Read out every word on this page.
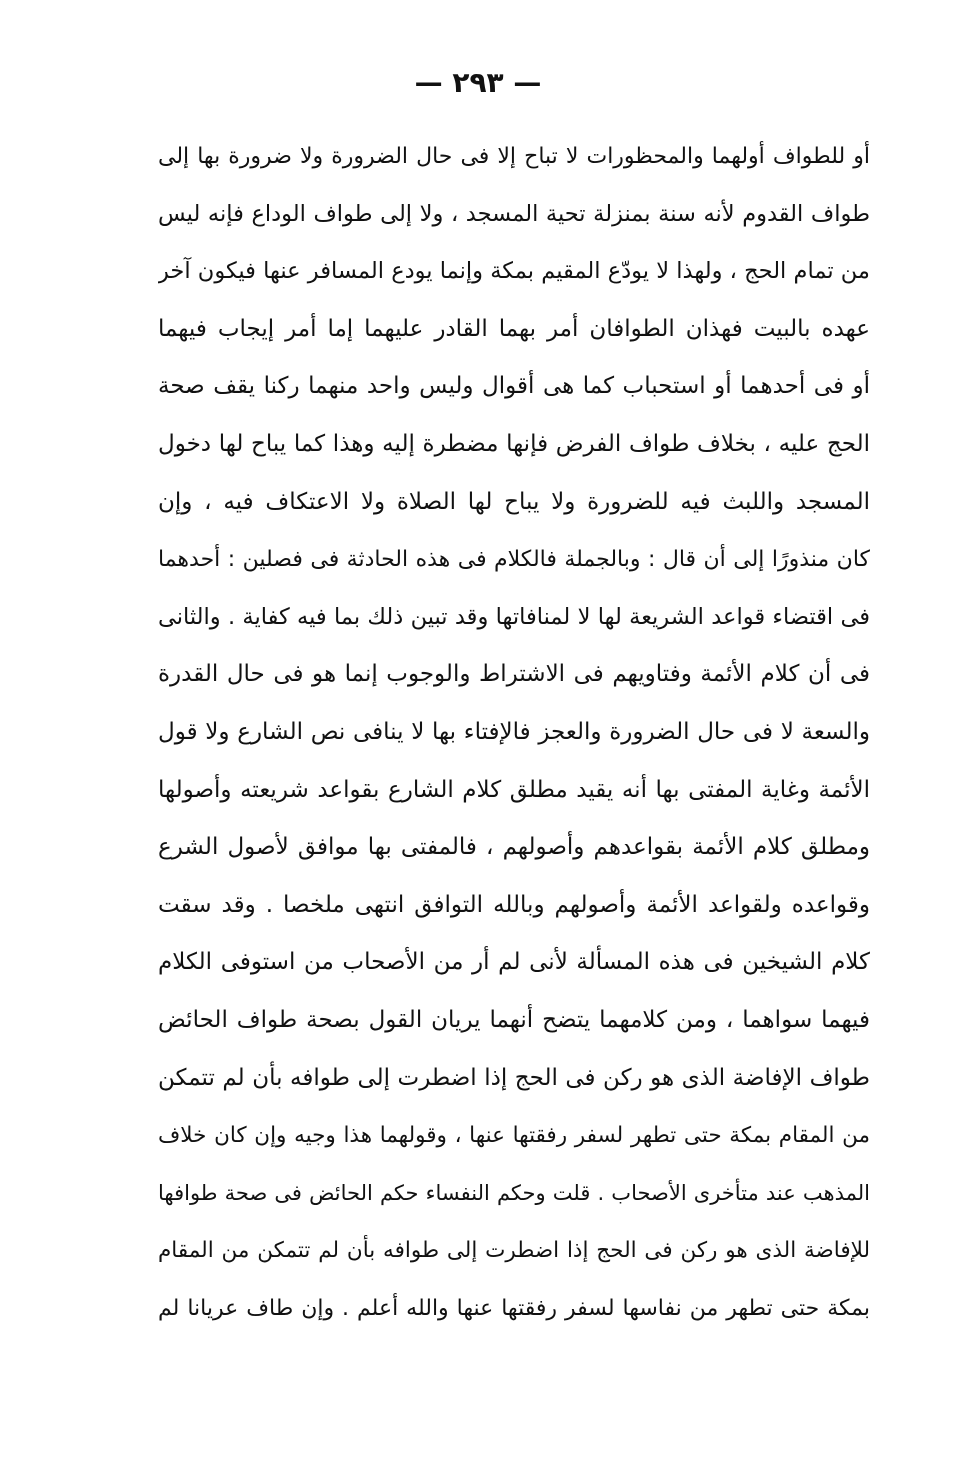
— ٢٩٣ —
أو للطواف أولهما والمحظورات لا تباح إلا فى حال الضرورة ولا ضرورة بها إلى
طواف القدوم لأنه سنة بمنزلة تحية المسجد ، ولا إلى طواف الوداع فإنه ليس
من تمام الحج ، ولهذا لا يودّع المقيم بمكة وإنما يودع المسافر عنها فيكون آخر
عهده بالبيت فهذان الطوافان أمر بهما القادر عليهما إما أمر إيجاب فيهما
أو فى أحدهما أو استحباب كما هى أقوال وليس واحد منهما ركنا يقف صحة
الحج عليه ، بخلاف طواف الفرض فإنها مضطرة إليه وهذا كما يباح لها دخول
المسجد واللبث فيه للضرورة ولا يباح لها الصلاة ولا الاعتكاف فيه ، وإن
كان منذورًا إلى أن قال : وبالجملة فالكلام فى هذه الحادثة فى فصلين : أحدهما
فى اقتضاء قواعد الشريعة لها لا لمنافاتها وقد تبين ذلك بما فيه كفاية . والثانى
فى أن كلام الأئمة وفتاويهم فى الاشتراط والوجوب إنما هو فى حال القدرة
والسعة لا فى حال الضرورة والعجز فالإفتاء بها لا ينافى نص الشارع ولا قول
الأئمة وغاية المفتى بها أنه يقيد مطلق كلام الشارع بقواعد شريعته وأصولها
ومطلق كلام الأئمة بقواعدهم وأصولهم ، فالمفتى بها موافق لأصول الشرع
وقواعده ولقواعد الأئمة وأصولهم وبالله التوافق انتهى ملخصا . وقد سقت
كلام الشيخين فى هذه المسألة لأنى لم أر من الأصحاب من استوفى الكلام
فيهما سواهما ، ومن كلامهما يتضح أنهما يريان القول بصحة طواف الحائض
طواف الإفاضة الذى هو ركن فى الحج إذا اضطرت إلى طوافه بأن لم تتمكن
من المقام بمكة حتى تطهر لسفر رفقتها عنها ، وقولهما هذا وجيه وإن كان خلاف
المذهب عند متأخرى الأصحاب . قلت وحكم النفساء حكم الحائض فى صحة طوافها
للإفاضة الذى هو ركن فى الحج إذا اضطرت إلى طوافه بأن لم تتمكن من المقام
بمكة حتى تطهر من نفاسها لسفر رفقتها عنها والله أعلم . وإن طاف عريانا لم
